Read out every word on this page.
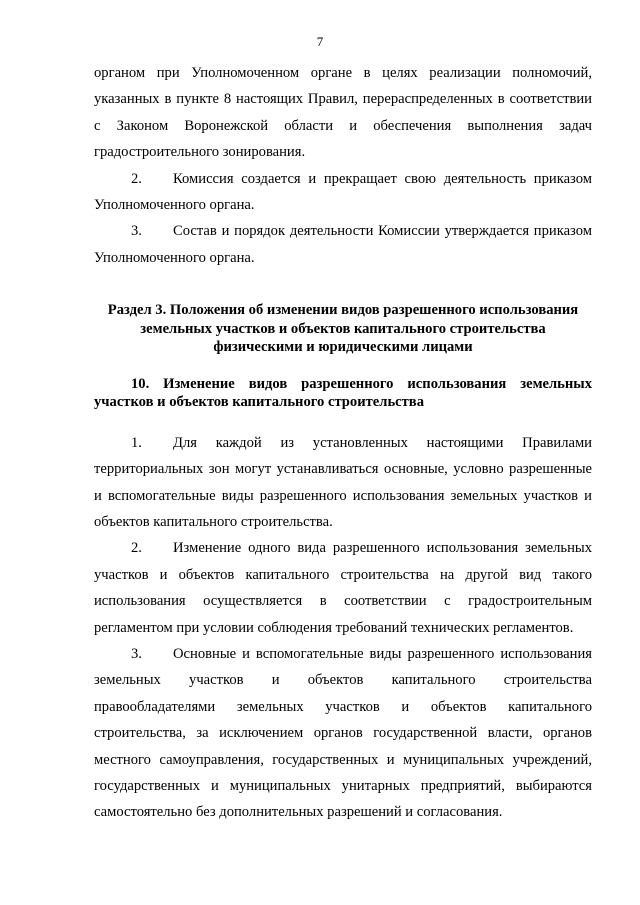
7

органом при Уполномоченном органе в целях реализации полномочий, указанных в пункте 8 настоящих Правил, перераспределенных в соответствии с Законом Воронежской области и обеспечения выполнения задач градостроительного зонирования.

2. Комиссия создается и прекращает свою деятельность приказом Уполномоченного органа.

3. Состав и порядок деятельности Комиссии утверждается приказом Уполномоченного органа.

Раздел 3. Положения об изменении видов разрешенного использования

земельных участков и объектов капитального строительства

физическими и юридическими лицами

10. Изменение видов разрешенного использования земельных участков и объектов капитального строительства

1. Для каждой из установленных настоящими Правилами территориальных зон могут устанавливаться основные, условно разрешенные и вспомогательные виды разрешенного использования земельных участков и объектов капитального строительства.

2. Изменение одного вида разрешенного использования земельных участков и объектов капитального строительства на другой вид такого использования осуществляется в соответствии с градостроительным регламентом при условии соблюдения требований технических регламентов.

3. Основные и вспомогательные виды разрешенного использования земельных участков и объектов капитального строительства правообладателями земельных участков и объектов капитального строительства, за исключением органов государственной власти, органов местного самоуправления, государственных и муниципальных учреждений, государственных и муниципальных унитарных предприятий, выбираются самостоятельно без дополнительных разрешений и согласования.
